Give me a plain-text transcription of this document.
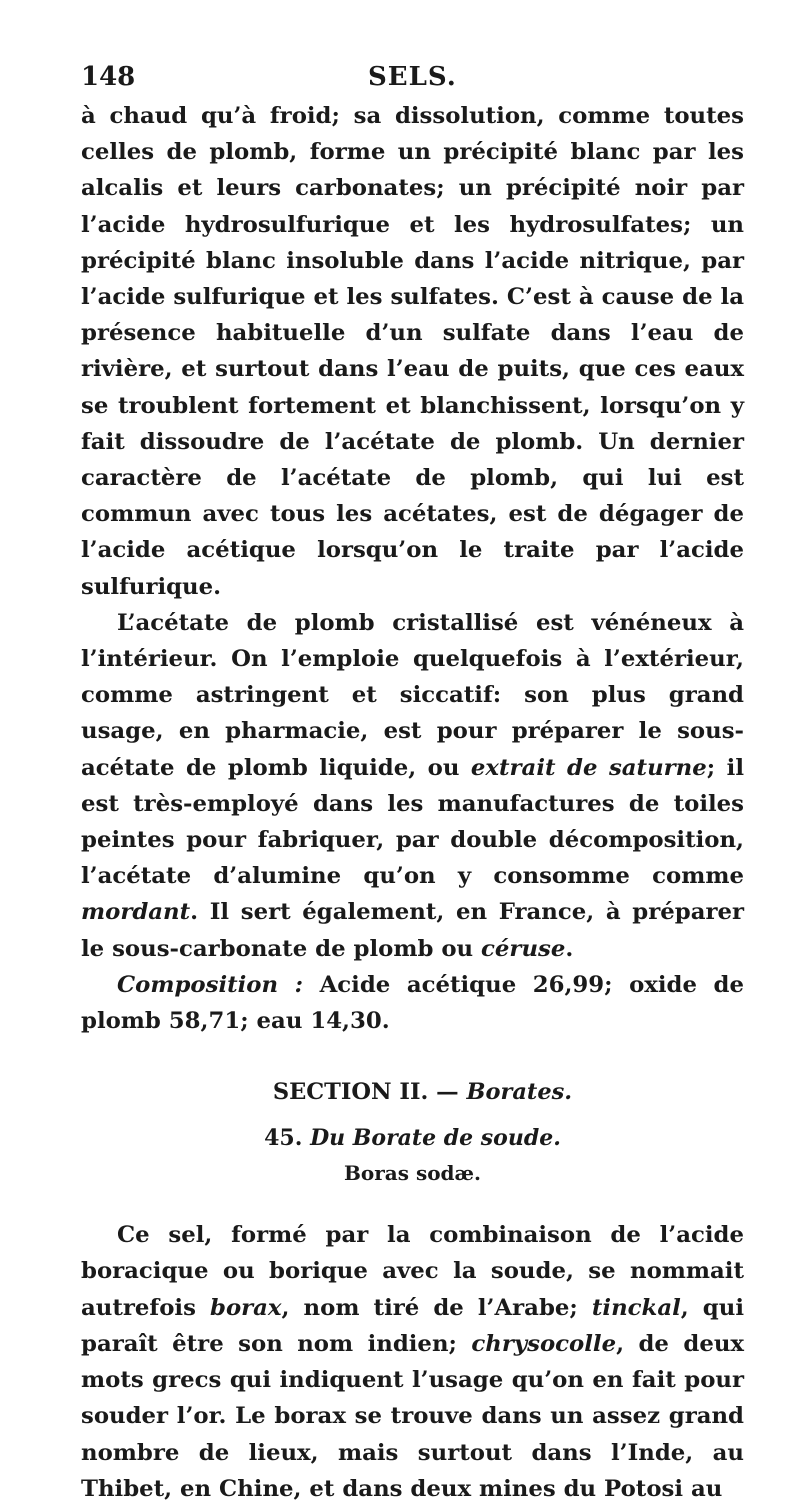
148	SELS.

à chaud qu’à froid; sa dissolution, comme toutes celles de plomb, forme un précipité blanc par les alcalis et leurs carbonates; un précipité noir par l’acide hydrosulfurique et les hydrosulfates; un précipité blanc insoluble dans l’acide nitrique, par l’acide sulfurique et les sulfates. C’est à cause de la présence habituelle d’un sulfate dans l’eau de rivière, et surtout dans l’eau de puits, que ces eaux se troublent fortement et blanchissent, lorsqu’on y fait dissoudre de l’acétate de plomb. Un dernier caractère de l’acétate de plomb, qui lui est commun avec tous les acétates, est de dégager de l’acide acétique lorsqu’on le traite par l’acide sulfurique.

L’acétate de plomb cristallisé est vénéneux à l’intérieur. On l’emploie quelquefois à l’extérieur, comme astringent et siccatif: son plus grand usage, en pharmacie, est pour préparer le sous-acétate de plomb liquide, ou extrait de saturne; il est très-employé dans les manufactures de toiles peintes pour fabriquer, par double décomposition, l’acétate d’alumine qu’on y consomme comme mordant. Il sert également, en France, à préparer le sous-carbonate de plomb ou céruse.

Composition : Acide acétique 26,99; oxide de plomb 58,71; eau 14,30.

SECTION II. — Borates.

45. Du Borate de soude.

Boras sodæ.

Ce sel, formé par la combinaison de l’acide boracique ou borique avec la soude, se nommait autrefois borax, nom tiré de l’Arabe; tinckal, qui paraît être son nom indien; chrysocolle, de deux mots grecs qui indiquent l’usage qu’on en fait pour souder l’or. Le borax se trouve dans un assez grand nombre de lieux, mais surtout dans l’Inde, au Thibet, en Chine, et dans deux mines du Potosi au
